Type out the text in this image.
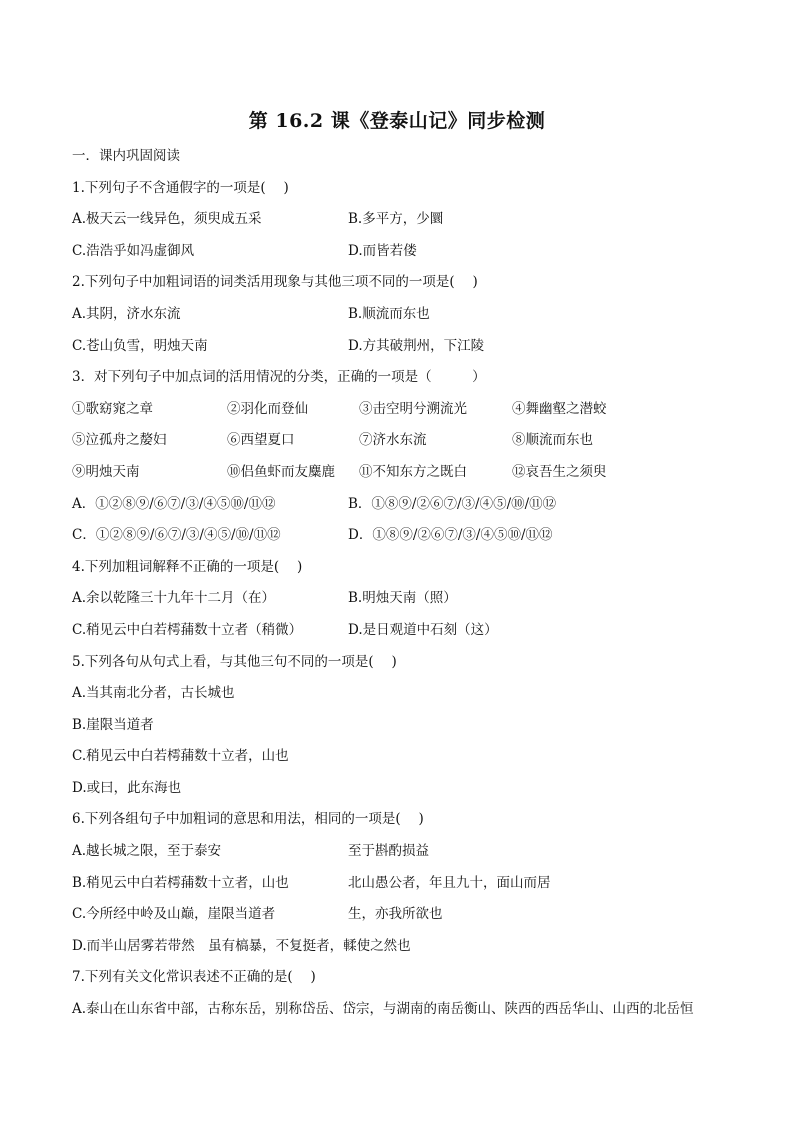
第 16.2 课《登泰山记》同步检测
一．课内巩固阅读
1.下列句子不含通假字的一项是(　 )
A.极天云一线异色，须臾成五采	B.多平方，少圜
C.浩浩乎如冯虚御风	D.而皆若偻
2.下列句子中加粗词语的词类活用现象与其他三项不同的一项是(　 )
A.其阴，济水东流	B.顺流而东也
C.苍山负雪，明烛天南	D.方其破荆州，下江陵
3．对下列句子中加点词的活用情况的分类，正确的一项是（　　　）
①歌窈窕之章	②羽化而登仙	③击空明兮溯流光	④舞幽壑之潜蛟
⑤泣孤舟之嫠妇	⑥西望夏口	⑦济水东流	⑧顺流而东也
⑨明烛天南	⑩侣鱼虾而友麋鹿 ⑪不知东方之既白	⑫哀吾生之须臾
A．①②⑧⑨/⑥⑦/③/④⑤⑩/⑪⑫	B．①⑧⑨/②⑥⑦/③/④⑤/⑩/⑪⑫
C．①②⑧⑨/⑥⑦/③/④⑤/⑩/⑪⑫	D．①⑧⑨/②⑥⑦/③/④⑤⑩/⑪⑫
4.下列加粗词解释不正确的一项是(　 )
A.余以乾隆三十九年十二月（在）	B.明烛天南（照）
C.稍见云中白若樗蒱数十立者（稍微）	D.是日观道中石刻（这）
5.下列各句从句式上看，与其他三句不同的一项是(　 )
A.当其南北分者，古长城也
B.崖限当道者
C.稍见云中白若樗蒱数十立者，山也
D.或曰，此东海也
6.下列各组句子中加粗词的意思和用法，相同的一项是(　 )
A.越长城之限，至于泰安	至于斟酌损益
B.稍见云中白若樗蒱数十立者，山也	北山愚公者，年且九十，面山而居
C.今所经中岭及山巅，崖限当道者	生，亦我所欲也
D.而半山居雾若带然　虽有槁暴，不复挺者，輮使之然也
7.下列有关文化常识表述不正确的是(　 )
A.泰山在山东省中部，古称东岳，别称岱岳、岱宗，与湖南的南岳衡山、陕西的西岳华山、山西的北岳恒
